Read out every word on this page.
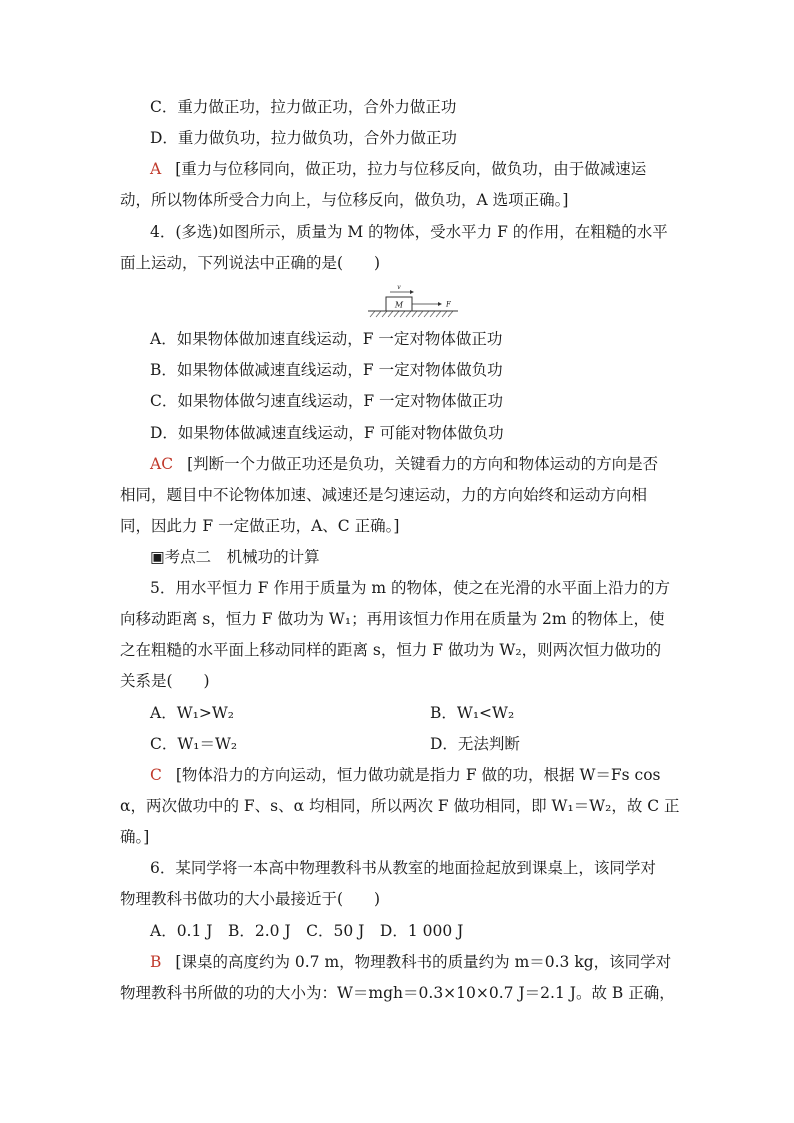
C．重力做正功，拉力做正功，合外力做正功
D．重力做负功，拉力做负功，合外力做正功
A [重力与位移同向，做正功，拉力与位移反向，做负功，由于做减速运
动，所以物体所受合力向上，与位移反向，做负功，A 选项正确。]
4．(多选)如图所示，质量为 M 的物体，受水平力 F 的作用，在粗糙的水平
面上运动，下列说法中正确的是(　　)
M
v
F
A．如果物体做加速直线运动，F 一定对物体做正功
B．如果物体做减速直线运动，F 一定对物体做负功
C．如果物体做匀速直线运动，F 一定对物体做正功
D．如果物体做减速直线运动，F 可能对物体做负功
AC [判断一个力做正功还是负功，关键看力的方向和物体运动的方向是否
相同，题目中不论物体加速、减速还是匀速运动，力的方向始终和运动方向相
同，因此力 F 一定做正功，A、C 正确。]
▣考点二　机械功的计算
5．用水平恒力 F 作用于质量为 m 的物体，使之在光滑的水平面上沿力的方
向移动距离 s，恒力 F 做功为 W₁；再用该恒力作用在质量为 2m 的物体上，使
之在粗糙的水平面上移动同样的距离 s，恒力 F 做功为 W₂，则两次恒力做功的
关系是(　　)
A．W₁>W₂	B．W₁<W₂
C．W₁＝W₂	D．无法判断
C [物体沿力的方向运动，恒力做功就是指力 F 做的功，根据 W＝Fs cos
α，两次做功中的 F、s、α 均相同，所以两次 F 做功相同，即 W₁＝W₂，故 C 正
确。]
6．某同学将一本高中物理教科书从教室的地面捡起放到课桌上，该同学对
物理教科书做功的大小最接近于(　　)
A．0.1 J　B．2.0 J　C．50 J　D．1 000 J
B [课桌的高度约为 0.7 m，物理教科书的质量约为 m＝0.3 kg，该同学对
物理教科书所做的功的大小为：W＝mgh＝0.3×10×0.7 J＝2.1 J。故 B 正确，
